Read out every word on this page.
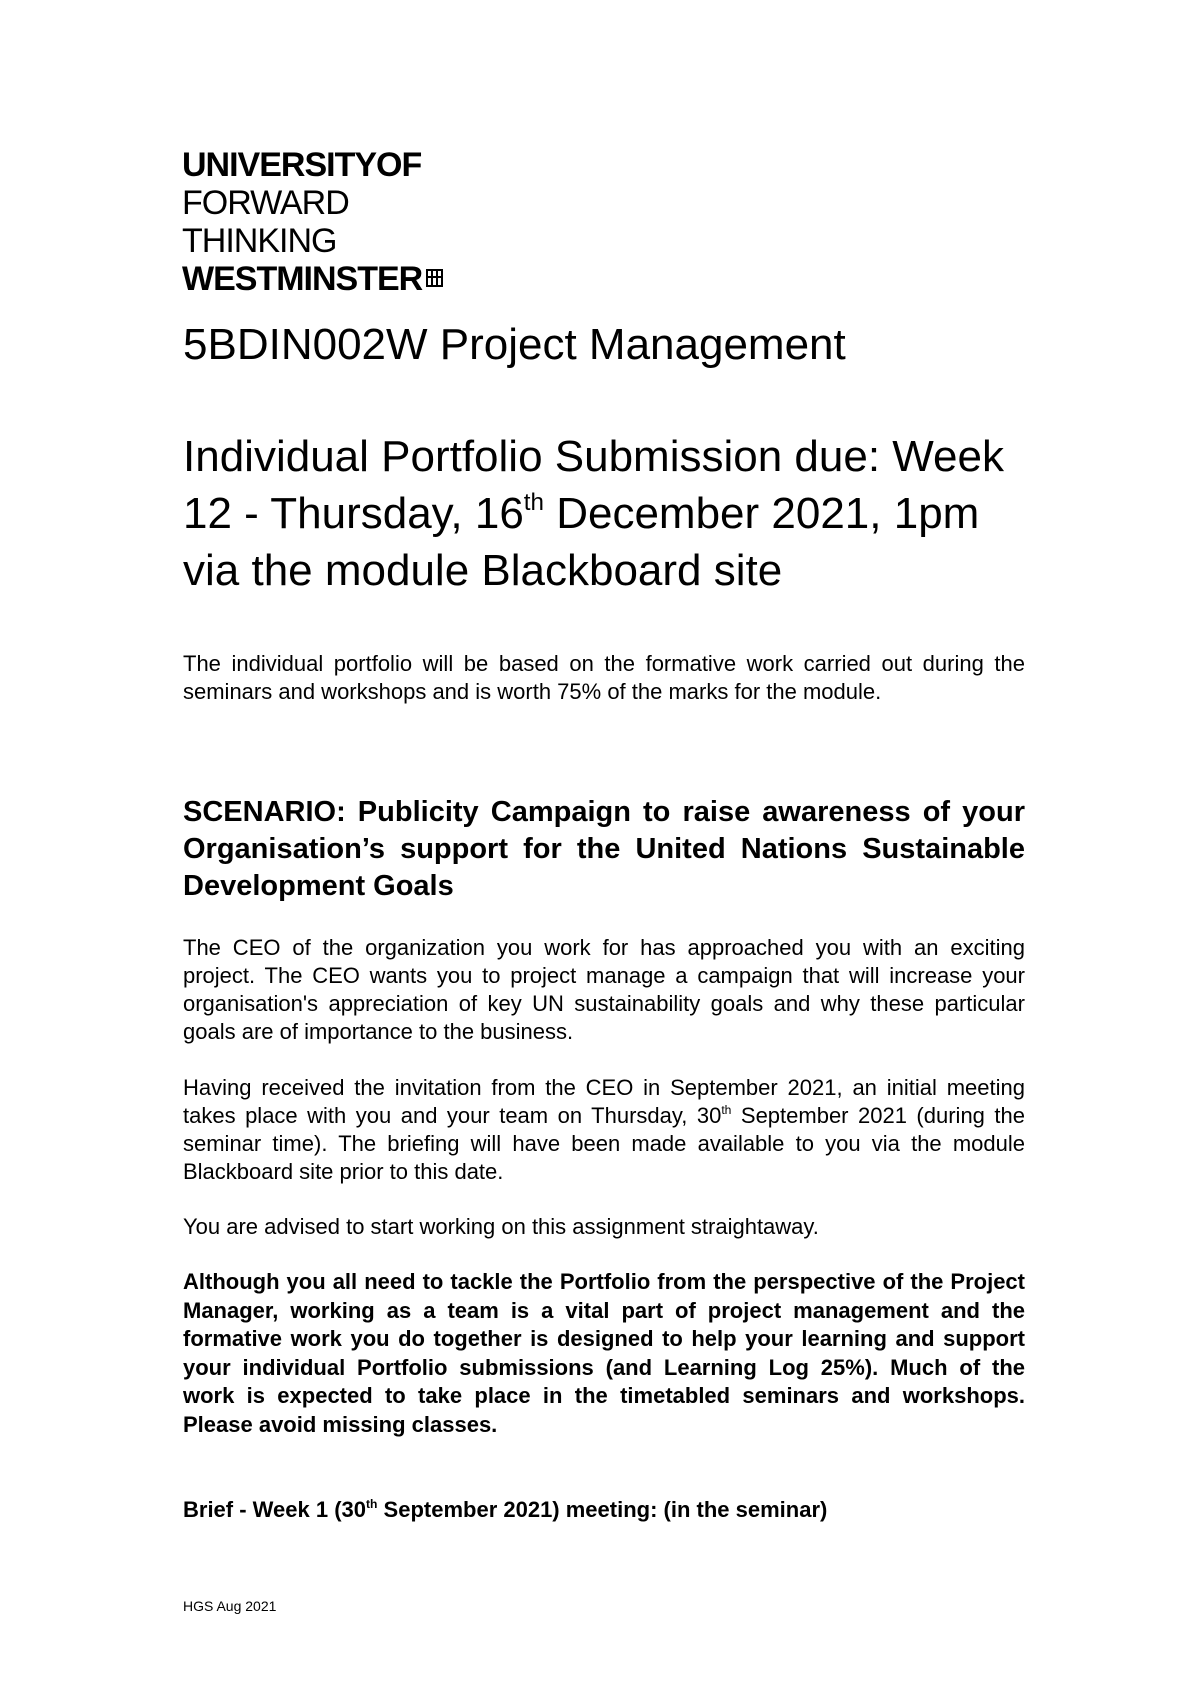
UNIVERSITYOF
FORWARD
THINKING
WESTMINSTER
5BDIN002W Project Management
Individual Portfolio Submission due: Week 12 - Thursday, 16th December 2021, 1pm via the module Blackboard site
The individual portfolio will be based on the formative work carried out during the seminars and workshops and is worth 75% of the marks for the module.
SCENARIO: Publicity Campaign to raise awareness of your Organisation’s support for the United Nations Sustainable Development Goals
The CEO of the organization you work for has approached you with an exciting project. The CEO wants you to project manage a campaign that will increase your organisation's appreciation of key UN sustainability goals and why these particular goals are of importance to the business.
Having received the invitation from the CEO in September 2021, an initial meeting takes place with you and your team on Thursday, 30th September 2021 (during the seminar time). The briefing will have been made available to you via the module Blackboard site prior to this date.
You are advised to start working on this assignment straightaway.
Although you all need to tackle the Portfolio from the perspective of the Project Manager, working as a team is a vital part of project management and the formative work you do together is designed to help your learning and support your individual Portfolio submissions (and Learning Log 25%). Much of the work is expected to take place in the timetabled seminars and workshops. Please avoid missing classes.
Brief - Week 1 (30th September 2021) meeting: (in the seminar)
HGS Aug 2021
